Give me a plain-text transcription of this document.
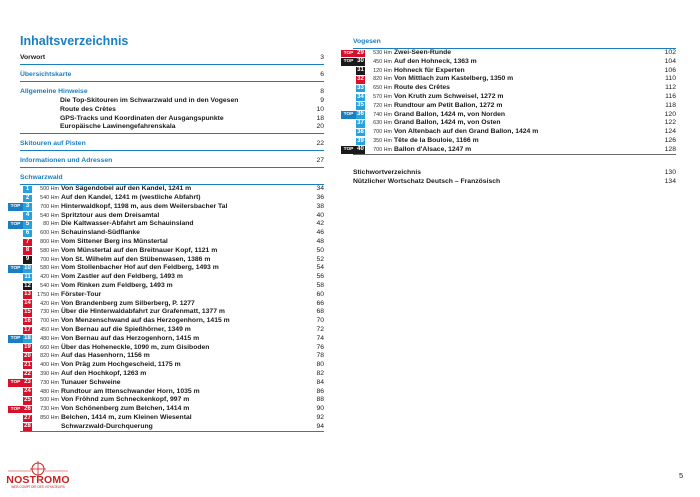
Inhaltsverzeichnis
Vorwort	3
Übersichtskarte	6
Allgemeine Hinweise	8
Die Top-Skitouren im Schwarzwald und in den Vogesen	9
Route des Crêtes	10
GPS-Tracks und Koordinaten der Ausgangspunkte	18
Europäische Lawinengefahrenskala	20
Skitouren auf Pisten	22
Informationen und Adressen	27
Schwarzwald
1	500 Hm Von Sägendobel auf den Kandel, 1241 m	34
2	540 Hm Auf den Kandel, 1241 m (westliche Abfahrt)	36
TOP 3	700 Hm Hinterwaldkopf, 1198 m, aus dem Weilersbacher Tal	38
4	540 Hm Spritztour aus dem Dreisamtal	40
TOP 5	80 Hm Die Kaltwasser-Abfahrt am Schauinsland	42
6	600 Hm Schauinsland-Südflanke	46
7	800 Hm Vom Sittener Berg ins Münstertal	48
8	580 Hm Vom Münstertal auf den Breitnauer Kopf, 1121 m	50
9	700 Hm Von St. Wilhelm auf den Stübenwasen, 1386 m	52
TOP 10	580 Hm Vom Stollenbacher Hof auf den Feldberg, 1493 m	54
11	420 Hm Vom Zastler auf den Feldberg, 1493 m	56
12	540 Hm Vom Rinken zum Feldberg, 1493 m	58
13	1750 Hm Förster-Tour	60
14	420 Hm Von Brandenberg zum Silberberg, P. 1277	66
15	730 Hm Über die Hinterwaldabfahrt zur Grafenmatt, 1377 m	68
16	700 Hm Von Menzenschwand auf das Herzogenhorn, 1415 m	70
17	450 Hm Von Bernau auf die Spießhörner, 1349 m	72
TOP 18	480 Hm Von Bernau auf das Herzogenhorn, 1415 m	74
19	660 Hm Über das Hoheneckle, 1090 m, zum Gisiboden	76
20	820 Hm Auf das Hasenhorn, 1156 m	78
21	400 Hm Von Präg zum Hochgescheid, 1175 m	80
22	390 Hm Auf den Hochkopf, 1263 m	82
TOP 23	730 Hm Tunauer Schweine	84
24	480 Hm Rundtour am Ittenschwander Horn, 1035 m	86
25	500 Hm Von Fröhnd zum Schneckenkopf, 997 m	88
TOP 26	730 Hm Von Schönenberg zum Belchen, 1414 m	90
27	850 Hm Belchen, 1414 m, zum Kleinen Wiesental	92
28	Schwarzwald-Durchquerung	94
Vogesen
TOP 29	530 Hm Zwei-Seen-Runde	102
TOP 30	450 Hm Auf den Hohneck, 1363 m	104
31	120 Hm Hohneck für Experten	106
32	820 Hm Von Mittlach zum Kastelberg, 1350 m	110
33	650 Hm Route des Crêtes	112
34	570 Hm Von Kruth zum Schweisel, 1272 m	116
35	720 Hm Rundtour am Petit Ballon, 1272 m	118
TOP 36	740 Hm Grand Ballon, 1424 m, von Norden	120
37	630 Hm Grand Ballon, 1424 m, von Osten	122
38	700 Hm Von Altenbach auf den Grand Ballon, 1424 m	124
39	350 Hm Tête de la Bouloie, 1166 m	126
TOP 40	700 Hm Ballon d'Alsace, 1247 m	128
Stichwortverzeichnis	130
Nützlicher Wortschatz Deutsch – Französisch	134
5
NOSTROMO
WEB COMPTOIR DES VOYAGEURS
